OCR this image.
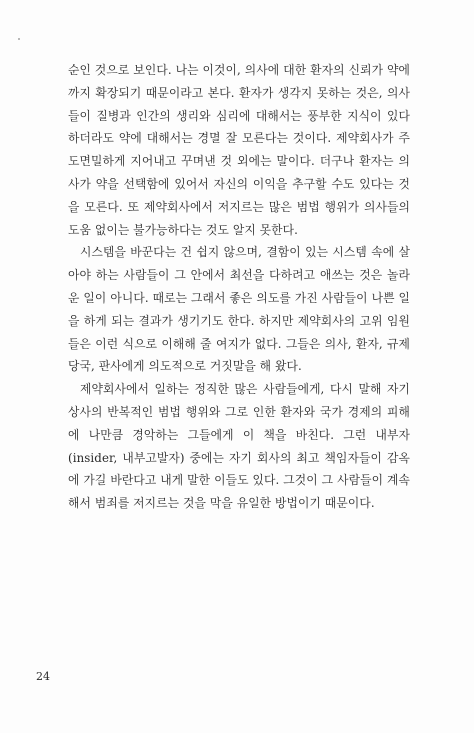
순인 것으로 보인다. 나는 이것이, 의사에 대한 환자의 신뢰가 약에까지 확장되기 때문이라고 본다. 환자가 생각지 못하는 것은, 의사들이 질병과 인간의 생리와 심리에 대해서는 풍부한 지식이 있다 하더라도 약에 대해서는 경멸 잘 모른다는 것이다. 제약회사가 주도면밀하게 지어내고 꾸며낸 것 외에는 말이다. 더구나 환자는 의사가 약을 선택함에 있어서 자신의 이익을 추구할 수도 있다는 것을 모른다. 또 제약회사에서 저지르는 많은 범법 행위가 의사들의 도움 없이는 불가능하다는 것도 알지 못한다.

시스템을 바꾼다는 건 쉽지 않으며, 결함이 있는 시스템 속에 살아야 하는 사람들이 그 안에서 최선을 다하려고 애쓰는 것은 놀라운 일이 아니다. 때로는 그래서 좋은 의도를 가진 사람들이 나쁜 일을 하게 되는 결과가 생기기도 한다. 하지만 제약회사의 고위 임원들은 이런 식으로 이해해 줄 여지가 없다. 그들은 의사, 환자, 규제당국, 판사에게 의도적으로 거짓말을 해 왔다.

제약회사에서 일하는 정직한 많은 사람들에게, 다시 말해 자기 상사의 반복적인 범법 행위와 그로 인한 환자와 국가 경제의 피해에 나만큼 경악하는 그들에게 이 책을 바친다. 그런 내부자(insider, 내부고발자) 중에는 자기 회사의 최고 책임자들이 감옥에 가길 바란다고 내게 말한 이들도 있다. 그것이 그 사람들이 계속해서 범죄를 저지르는 것을 막을 유일한 방법이기 때문이다.

24
